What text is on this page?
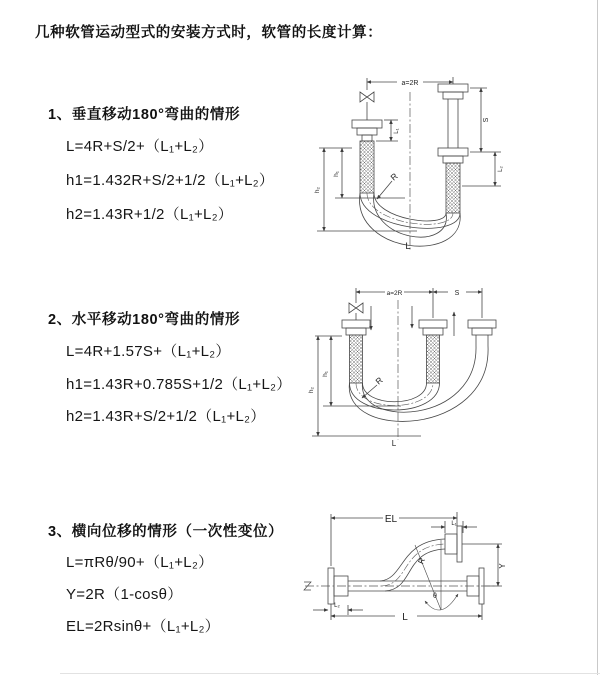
几种软管运动型式的安装方式时，软管的长度计算：
1、垂直移动180°弯曲的情形
L=4R+S/2+（L₁+L₂）
h1=1.432R+S/2+1/2（L₁+L₂）
h2=1.43R+1/2（L₁+L₂）
2、水平移动180°弯曲的情形
L=4R+1.57S+（L₁+L₂）
h1=1.43R+0.785S+1/2（L₁+L₂）
h2=1.43R+S/2+1/2（L₁+L₂）
3、横向位移的情形（一次性变位）
L=πRθ/90+（L₁+L₂）
Y=2R（1-cosθ）
EL=2Rsinθ+（L₁+L₂）
a=2R
L₁
S
L₂
h₁
h₂
R
L
a=2R	S
h₁
h₂
R
L
EL	L₁
Y
R
θ
L
L₂
